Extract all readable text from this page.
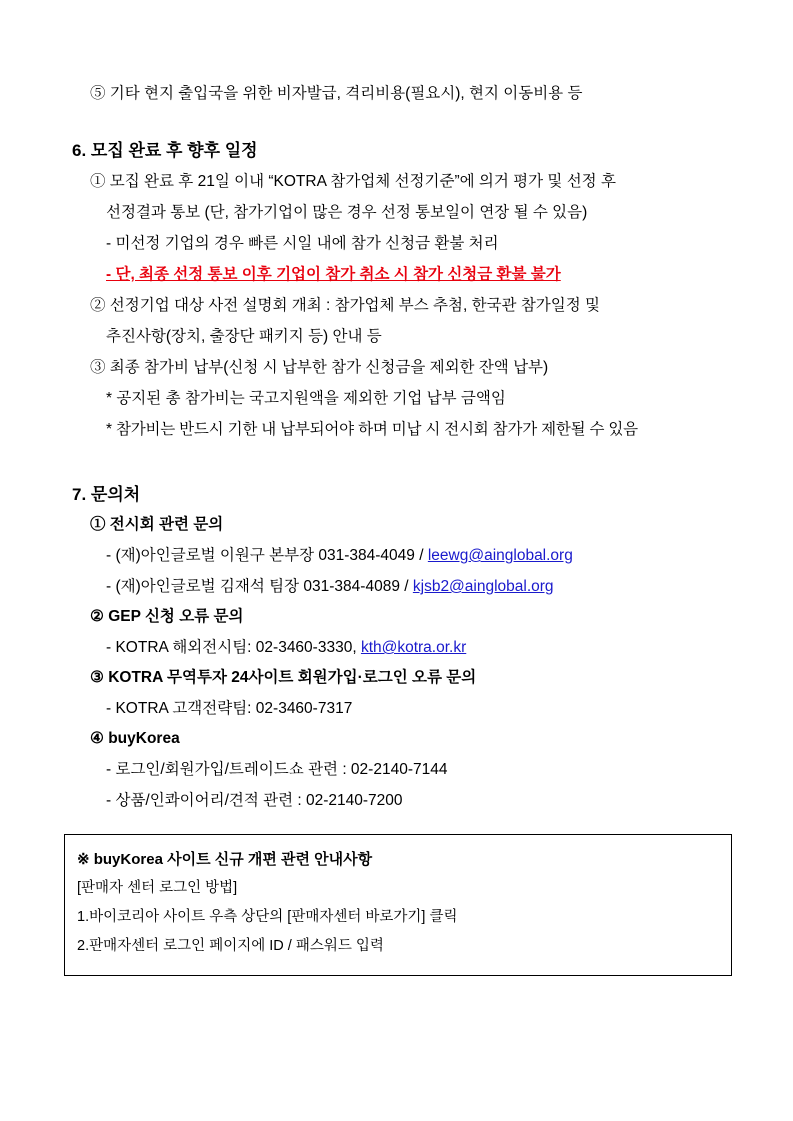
⑤ 기타 현지 출입국을 위한 비자발급, 격리비용(필요시), 현지 이동비용 등
6. 모집 완료 후 향후 일정
① 모집 완료 후 21일 이내 “KOTRA 참가업체 선정기준”에 의거 평가 및 선정 후
선정결과 통보 (단, 참가기업이 많은 경우 선정 통보일이 연장 될 수 있음)
- 미선정 기업의 경우 빠른 시일 내에 참가 신청금 환불 처리
- 단, 최종 선정 통보 이후 기업이 참가 취소 시 참가 신청금 환불 불가
② 선정기업 대상 사전 설명회 개최 : 참가업체 부스 추첨, 한국관 참가일정 및
추진사항(장치, 출장단 패키지 등) 안내 등
③ 최종 참가비 납부(신청 시 납부한 참가 신청금을 제외한 잔액 납부)
* 공지된 총 참가비는 국고지원액을 제외한 기업 납부 금액임
* 참가비는 반드시 기한 내 납부되어야 하며 미납 시 전시회 참가가 제한될 수 있음
7. 문의처
① 전시회 관련 문의
- (재)아인글로벌 이원구 본부장 031-384-4049 / leewg@ainglobal.org
- (재)아인글로벌 김재석 팀장 031-384-4089 / kjsb2@ainglobal.org
② GEP 신청 오류 문의
- KOTRA 해외전시팀: 02-3460-3330, kth@kotra.or.kr
③ KOTRA 무역투자 24사이트 회원가입·로그인 오류 문의
- KOTRA 고객전략팀: 02-3460-7317
④ buyKorea
- 로그인/회원가입/트레이드쇼 관련 : 02-2140-7144
- 상품/인콰이어리/견적 관련 : 02-2140-7200
※ buyKorea 사이트 신규 개편 관련 안내사항
[판매자 센터 로그인 방법]
1.바이코리아 사이트 우측 상단의 [판매자센터 바로가기] 클릭
2.판매자센터 로그인 페이지에 ID / 패스워드 입력
